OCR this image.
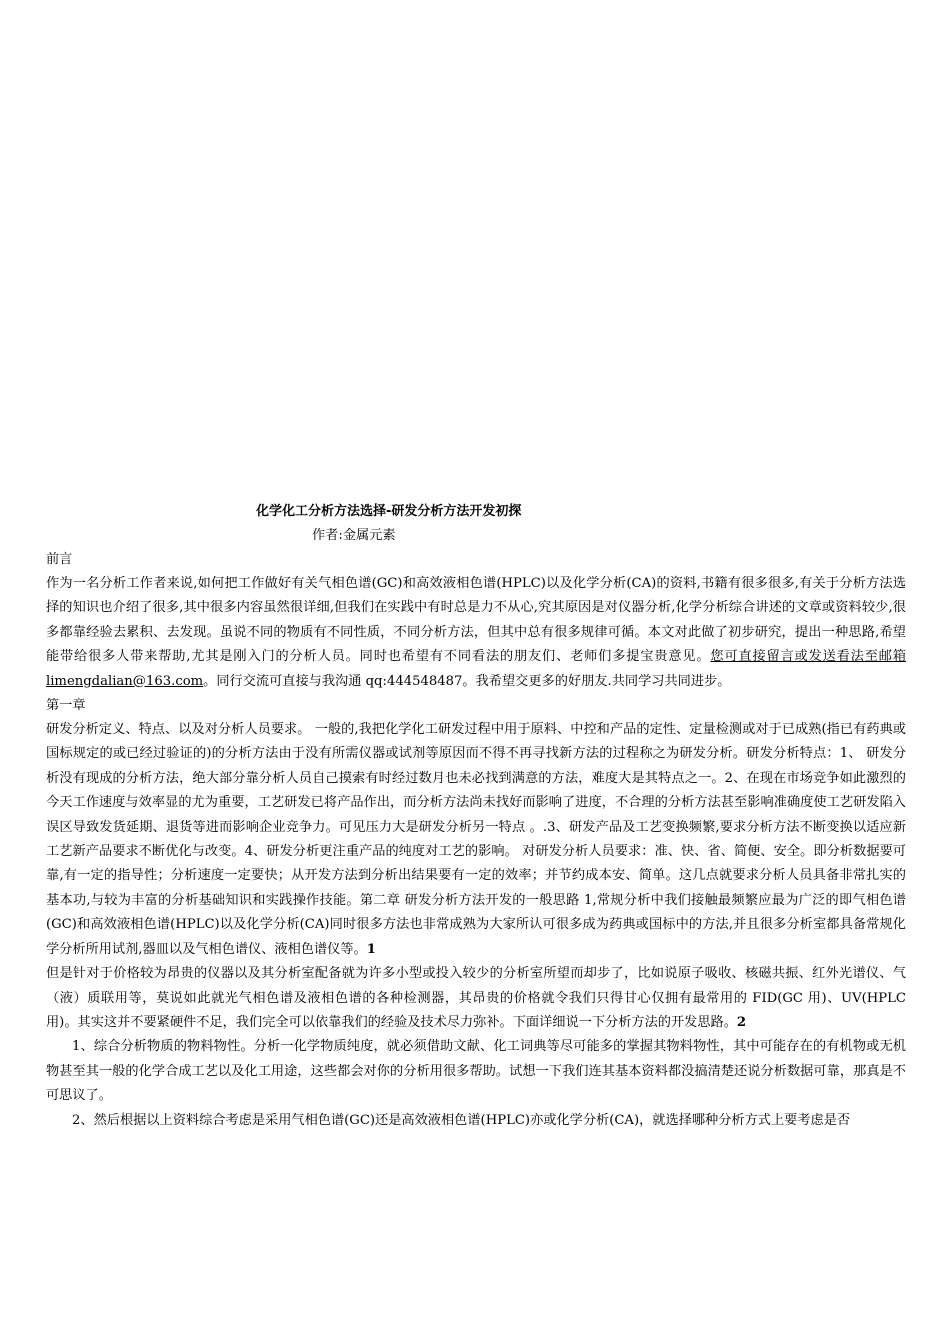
化学化工分析方法选择-研发分析方法开发初探
作者:金属元素
前言

作为一名分析工作者来说,如何把工作做好有关气相色谱(GC)和高效液相色谱(HPLC)以及化学分析(CA)的资料,书籍有很多很多,有关于分析方法选择的知识也介绍了很多,其中很多内容虽然很详细,但我们在实践中有时总是力不从心,究其原因是对仪器分析,化学分析综合讲述的文章或资料较少,很多都靠经验去累积、去发现。虽说不同的物质有不同性质，不同分析方法，但其中总有很多规律可循。本文对此做了初步研究，提出一种思路,希望能带给很多人带来帮助,尤其是刚入门的分析人员。同时也希望有不同看法的朋友们、老师们多提宝贵意见。您可直接留言或发送看法至邮箱 limengdalian@163.com。同行交流可直接与我沟通 qq:444548487。我希望交更多的好朋友.共同学习共同进步。

第一章

研发分析定义、特点、以及对分析人员要求。 一般的,我把化学化工研发过程中用于原料、中控和产品的定性、定量检测或对于已成熟(指已有药典或国标规定的或已经过验证的)的分析方法由于没有所需仪器或试剂等原因而不得不再寻找新方法的过程称之为研发分析。研发分析特点：1、 研发分析没有现成的分析方法，绝大部分靠分析人员自己摸索有时经过数月也未必找到满意的方法，难度大是其特点之一。2、在现在市场竞争如此激烈的今天工作速度与效率显的尤为重要，工艺研发已将产品作出，而分析方法尚未找好而影响了进度，不合理的分析方法甚至影响准确度使工艺研发陷入误区导致发货延期、退货等进而影响企业竞争力。可见压力大是研发分析另一特点 。.3、研发产品及工艺变换频繁,要求分析方法不断变换以适应新工艺新产品要求不断优化与改变。4、研发分析更注重产品的纯度对工艺的影响。 对研发分析人员要求：准、快、省、简便、安全。即分析数据要可靠,有一定的指导性；分析速度一定要快；从开发方法到分析出结果要有一定的效率；并节约成本安、简单。这几点就要求分析人员具备非常扎实的基本功,与较为丰富的分析基础知识和实践操作技能。第二章 研发分析方法开发的一般思路 1,常规分析中我们接触最频繁应最为广泛的即气相色谱(GC)和高效液相色谱(HPLC)以及化学分析(CA)同时很多方法也非常成熟为大家所认可很多成为药典或国标中的方法,并且很多分析室都具备常规化学分析所用试剂,器皿以及气相色谱仪、液相色谱仪等。1

但是针对于价格较为昂贵的仪器以及其分析室配备就为许多小型或投入较少的分析室所望而却步了，比如说原子吸收、核磁共振、红外光谱仪、气（液）质联用等，莫说如此就光气相色谱及液相色谱的各种检测器，其昂贵的价格就令我们只得甘心仅拥有最常用的 FID(GC 用)、UV(HPLC 用)。其实这并不要紧硬件不足，我们完全可以依靠我们的经验及技术尽力弥补。下面详细说一下分析方法的开发思路。2

1、综合分析物质的物料物性。分析一化学物质纯度，就必须借助文献、化工词典等尽可能多的掌握其物料物性，其中可能存在的有机物或无机物甚至其一般的化学合成工艺以及化工用途，这些都会对你的分析用很多帮助。试想一下我们连其基本资料都没搞清楚还说分析数据可靠，那真是不可思议了。

2、然后根据以上资料综合考虑是采用气相色谱(GC)还是高效液相色谱(HPLC)亦或化学分析(CA)，就选择哪种分析方式上要考虑是否
